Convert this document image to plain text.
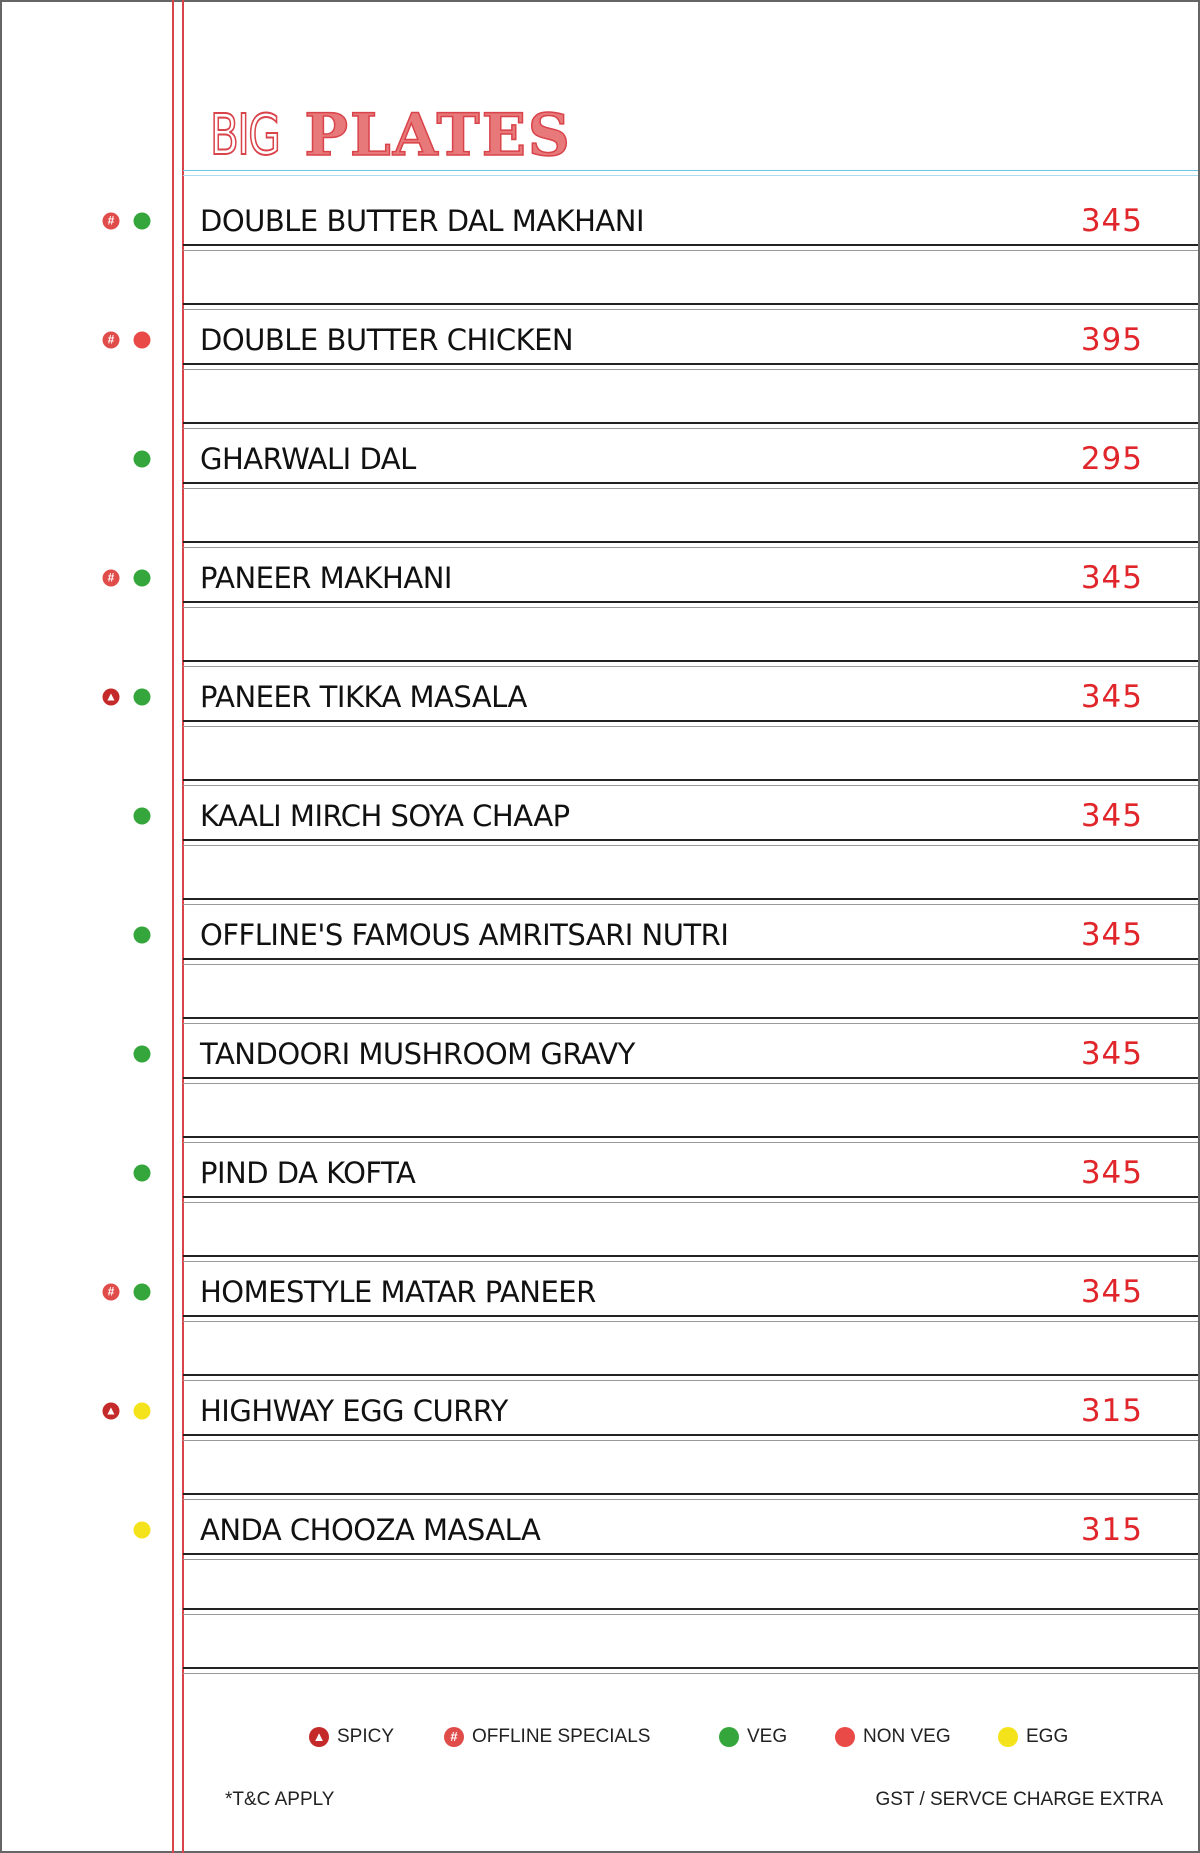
BIG PLATES
DOUBLE BUTTER DAL MAKHANI	345
#
DOUBLE BUTTER CHICKEN	395
#
GHARWALI DAL	295
PANEER MAKHANI	345
#
PANEER TIKKA MASALA	345
▲
KAALI MIRCH SOYA CHAAP	345
OFFLINE'S FAMOUS AMRITSARI NUTRI	345
TANDOORI MUSHROOM GRAVY	345
PIND DA KOFTA	345
HOMESTYLE MATAR PANEER	345
#
HIGHWAY EGG CURRY	315
▲
ANDA CHOOZA MASALA	315
▲ SPICY	# OFFLINE SPECIALS	VEG	NON VEG	EGG
*T&C APPLY	GST / SERVCE CHARGE EXTRA
